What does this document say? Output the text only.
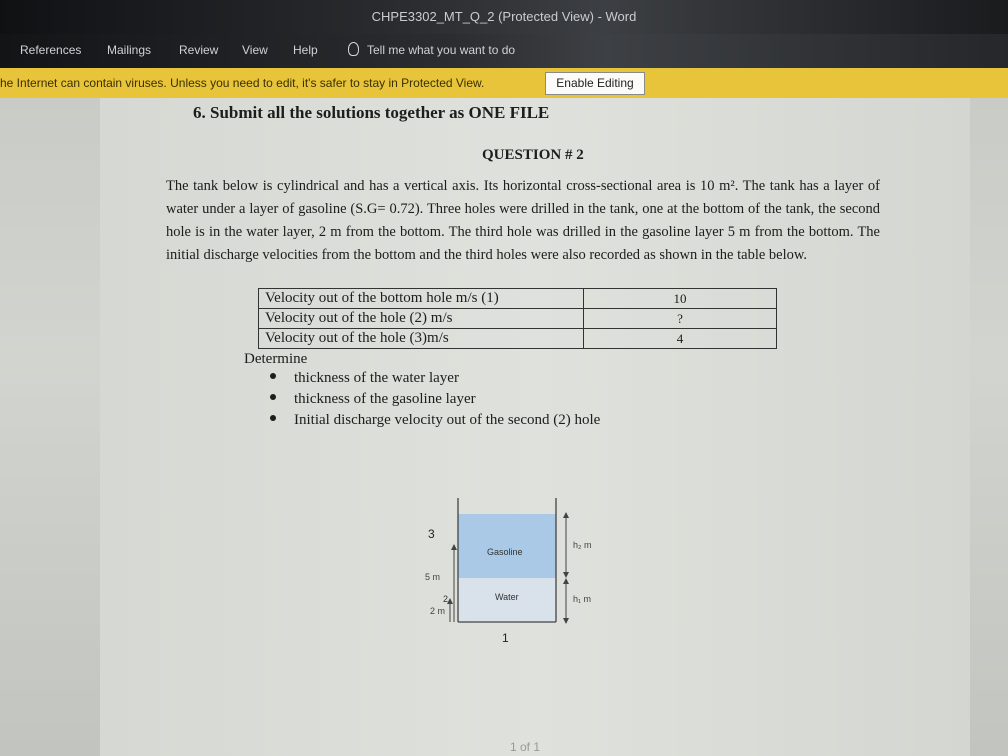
CHPE3302_MT_Q_2 (Protected View) - Word
References Mailings Review View Help	Tell me what you want to do
he Internet can contain viruses. Unless you need to edit, it's safer to stay in Protected View.	Enable Editing
6. Submit all the solutions together as ONE FILE
QUESTION # 2
The tank below is cylindrical and has a vertical axis. Its horizontal cross-sectional area is 10 m². The tank has a layer of water under a layer of gasoline (S.G= 0.72). Three holes were drilled in the tank, one at the bottom of the tank, the second hole is in the water layer, 2 m from the bottom. The third hole was drilled in the gasoline layer 5 m from the bottom. The initial discharge velocities from the bottom and the third holes were also recorded as shown in the table below.
Velocity out of the bottom hole m/s (1)	10
Velocity out of the hole (2) m/s	?
Velocity out of the hole (3)m/s	4
Determine
thickness of the water layer
thickness of the gasoline layer
Initial discharge velocity out of the second (2) hole
Gasoline
Water
3
5 m
2
2 m
1
h₂ m
h₁ m
1 of 1
